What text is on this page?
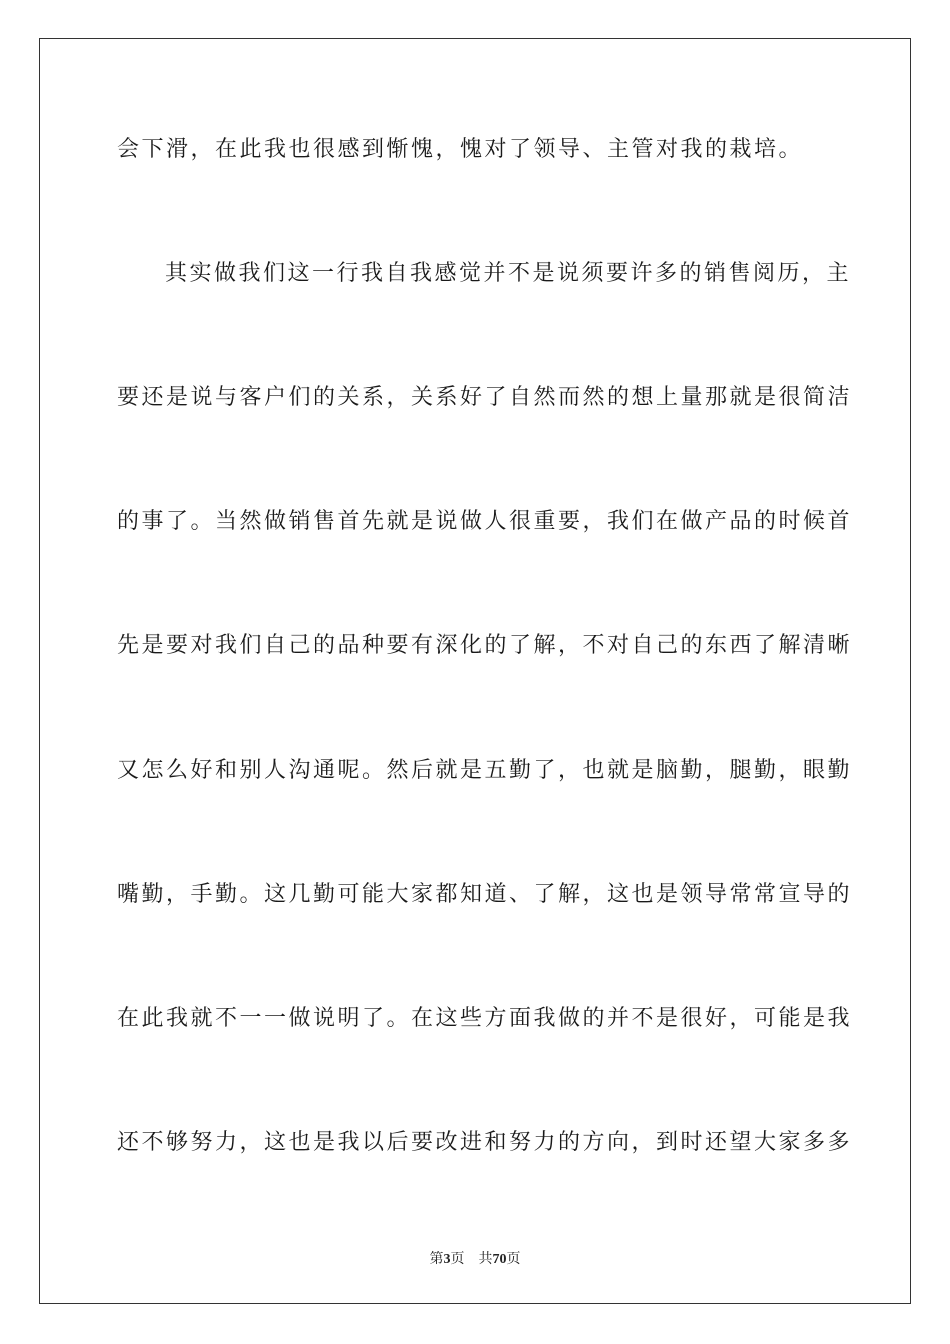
会下滑，在此我也很感到惭愧，愧对了领导、主管对我的栽培。
其实做我们这一行我自我感觉并不是说须要许多的销售阅历，主
要还是说与客户们的关系，关系好了自然而然的想上量那就是很简洁
的事了。当然做销售首先就是说做人很重要，我们在做产品的时候首
先是要对我们自己的品种要有深化的了解，不对自己的东西了解清晰
又怎么好和别人沟通呢。然后就是五勤了，也就是脑勤，腿勤，眼勤
嘴勤，手勤。这几勤可能大家都知道、了解，这也是领导常常宣导的
在此我就不一一做说明了。在这些方面我做的并不是很好，可能是我
还不够努力，这也是我以后要改进和努力的方向，到时还望大家多多
第3页 共70页
